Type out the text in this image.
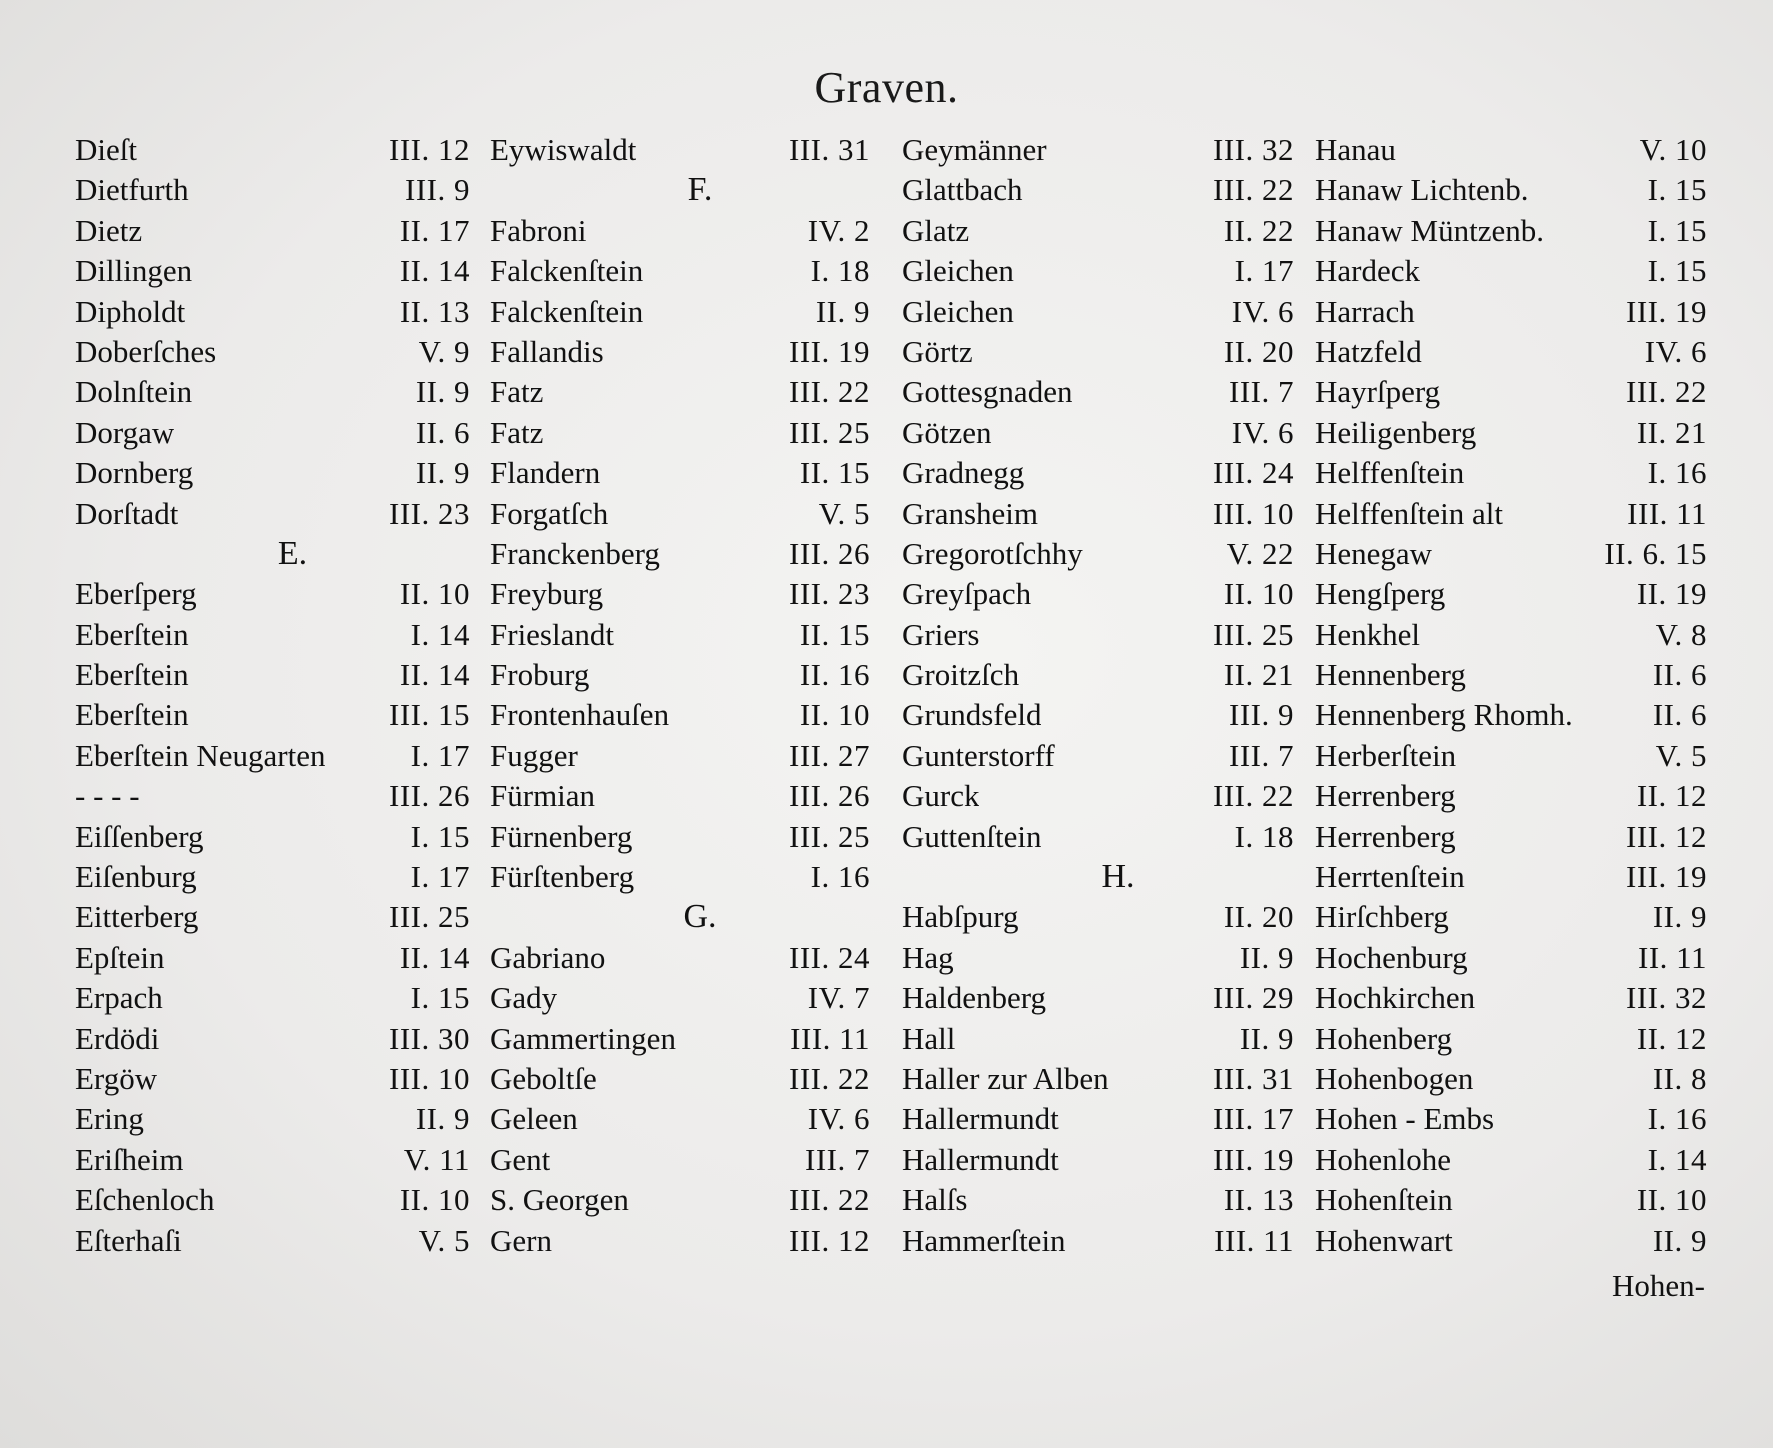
Graven.
Dieſt	III. 12
Dietfurth	III. 9
Dietz	II. 17
Dillingen	II. 14
Dipholdt	II. 13
Doberſches	V. 9
Dolnſtein	II. 9
Dorgaw	II. 6
Dornberg	II. 9
Dorſtadt	III. 23
E.
Eberſperg	II. 10
Eberſtein	I. 14
Eberſtein	II. 14
Eberſtein	III. 15
Eberſtein Neugarten	I. 17
- - - -	III. 26
Eiſſenberg	I. 15
Eiſenburg	I. 17
Eitterberg	III. 25
Epſtein	II. 14
Erpach	I. 15
Erdödi	III. 30
Ergöw	III. 10
Ering	II. 9
Eriſheim	V. 11
Eſchenloch	II. 10
Eſterhaſi	V. 5
Eywiswaldt	III. 31
F.
Fabroni	IV. 2
Falckenſtein	I. 18
Falckenſtein	II. 9
Fallandis	III. 19
Fatz	III. 22
Fatz	III. 25
Flandern	II. 15
Forgatſch	V. 5
Franckenberg	III. 26
Freyburg	III. 23
Frieslandt	II. 15
Froburg	II. 16
Frontenhauſen	II. 10
Fugger	III. 27
Fürmian	III. 26
Fürnenberg	III. 25
Fürſtenberg	I. 16
G.
Gabriano	III. 24
Gady	IV. 7
Gammertingen	III. 11
Geboltſe	III. 22
Geleen	IV. 6
Gent	III. 7
S. Georgen	III. 22
Gern	III. 12
Geymänner	III. 32
Glattbach	III. 22
Glatz	II. 22
Gleichen	I. 17
Gleichen	IV. 6
Görtz	II. 20
Gottesgnaden	III. 7
Götzen	IV. 6
Gradnegg	III. 24
Gransheim	III. 10
Gregorotſchhy	V. 22
Greyſpach	II. 10
Griers	III. 25
Groitzſch	II. 21
Grundsfeld	III. 9
Gunterstorff	III. 7
Gurck	III. 22
Guttenſtein	I. 18
H.
Habſpurg	II. 20
Hag	II. 9
Haldenberg	III. 29
Hall	II. 9
Haller zur Alben	III. 31
Hallermundt	III. 17
Hallermundt	III. 19
Halſs	II. 13
Hammerſtein	III. 11
Hanau	V. 10
Hanaw Lichtenb.	I. 15
Hanaw Müntzenb.	I. 15
Hardeck	I. 15
Harrach	III. 19
Hatzfeld	IV. 6
Hayrſperg	III. 22
Heiligenberg	II. 21
Helffenſtein	I. 16
Helffenſtein alt	III. 11
Henegaw	II. 6. 15
Hengſperg	II. 19
Henkhel	V. 8
Hennenberg	II. 6
Hennenberg Rhomh.	II. 6
Herberſtein	V. 5
Herrenberg	II. 12
Herrenberg	III. 12
Herrtenſtein	III. 19
Hirſchberg	II. 9
Hochenburg	II. 11
Hochkirchen	III. 32
Hohenberg	II. 12
Hohenbogen	II. 8
Hohen - Embs	I. 16
Hohenlohe	I. 14
Hohenſtein	II. 10
Hohenwart	II. 9
Hohen-
